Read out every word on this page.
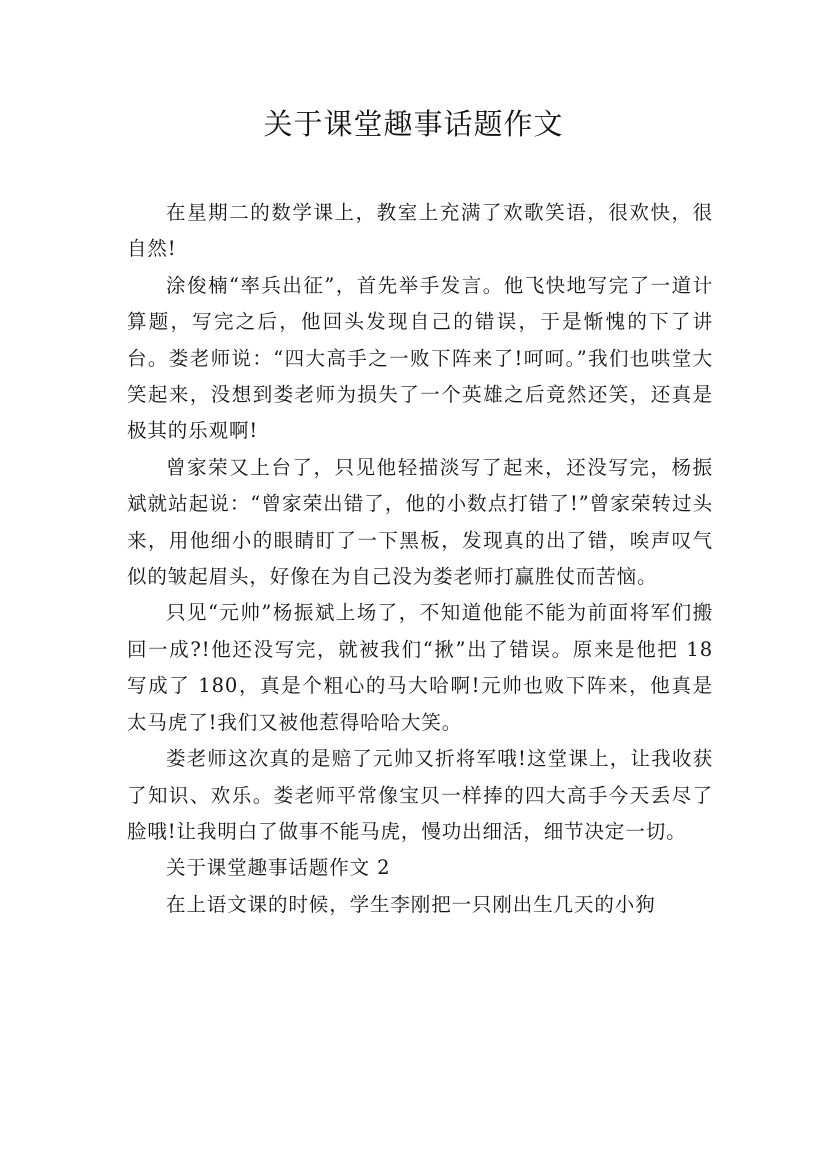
关于课堂趣事话题作文

在星期二的数学课上，教室上充满了欢歌笑语，很欢快，很自然!

涂俊楠“率兵出征”，首先举手发言。他飞快地写完了一道计算题，写完之后，他回头发现自己的错误，于是惭愧的下了讲台。娄老师说：“四大高手之一败下阵来了!呵呵。”我们也哄堂大笑起来，没想到娄老师为损失了一个英雄之后竟然还笑，还真是极其的乐观啊!

曾家荣又上台了，只见他轻描淡写了起来，还没写完，杨振斌就站起说：“曾家荣出错了，他的小数点打错了!”曾家荣转过头来，用他细小的眼睛盯了一下黑板，发现真的出了错，唉声叹气似的皱起眉头，好像在为自己没为娄老师打赢胜仗而苦恼。

只见“元帅”杨振斌上场了，不知道他能不能为前面将军们搬回一成?!他还没写完，就被我们“揪”出了错误。原来是他把 18 写成了 180，真是个粗心的马大哈啊!元帅也败下阵来，他真是太马虎了!我们又被他惹得哈哈大笑。

娄老师这次真的是赔了元帅又折将军哦!这堂课上，让我收获了知识、欢乐。娄老师平常像宝贝一样捧的四大高手今天丢尽了脸哦!让我明白了做事不能马虎，慢功出细活，细节决定一切。

关于课堂趣事话题作文 2

在上语文课的时候，学生李刚把一只刚出生几天的小狗
